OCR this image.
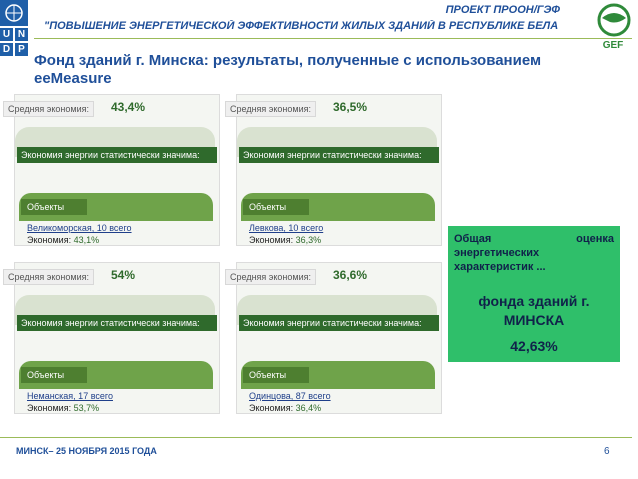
U N
D P
ПРОЕКТ ПРООН/ГЭФ
"ПОВЫШЕНИЕ ЭНЕРГЕТИЧЕСКОЙ ЭФФЕКТИВНОСТИ ЖИЛЫХ ЗДАНИЙ В РЕСПУБЛИКЕ БЕЛА
GEF
Фонд зданий г. Минска: результаты, полученные с использованием eeMeasure
Средняя экономия:	43,4%
Экономия энергии статистически значима:
Объекты
Великоморская, 10 всего
Экономия: 43,1%
Средняя экономия:	36,5%
Экономия энергии статистически значима:
Объекты
Левкова, 10 всего
Экономия: 36,3%
Средняя экономия:	54%
Экономия энергии статистически значима:
Объекты
Неманская, 17 всего
Экономия: 53,7%
Средняя экономия:	36,6%
Экономия энергии статистически значима:
Объекты
Одинцова, 87 всего
Экономия: 36,4%
Общая	оценка

энергетических
характеристик ...
фонда зданий г. МИНСКА
42,63%
МИНСК– 25 НОЯБРЯ 2015 ГОДА	6
